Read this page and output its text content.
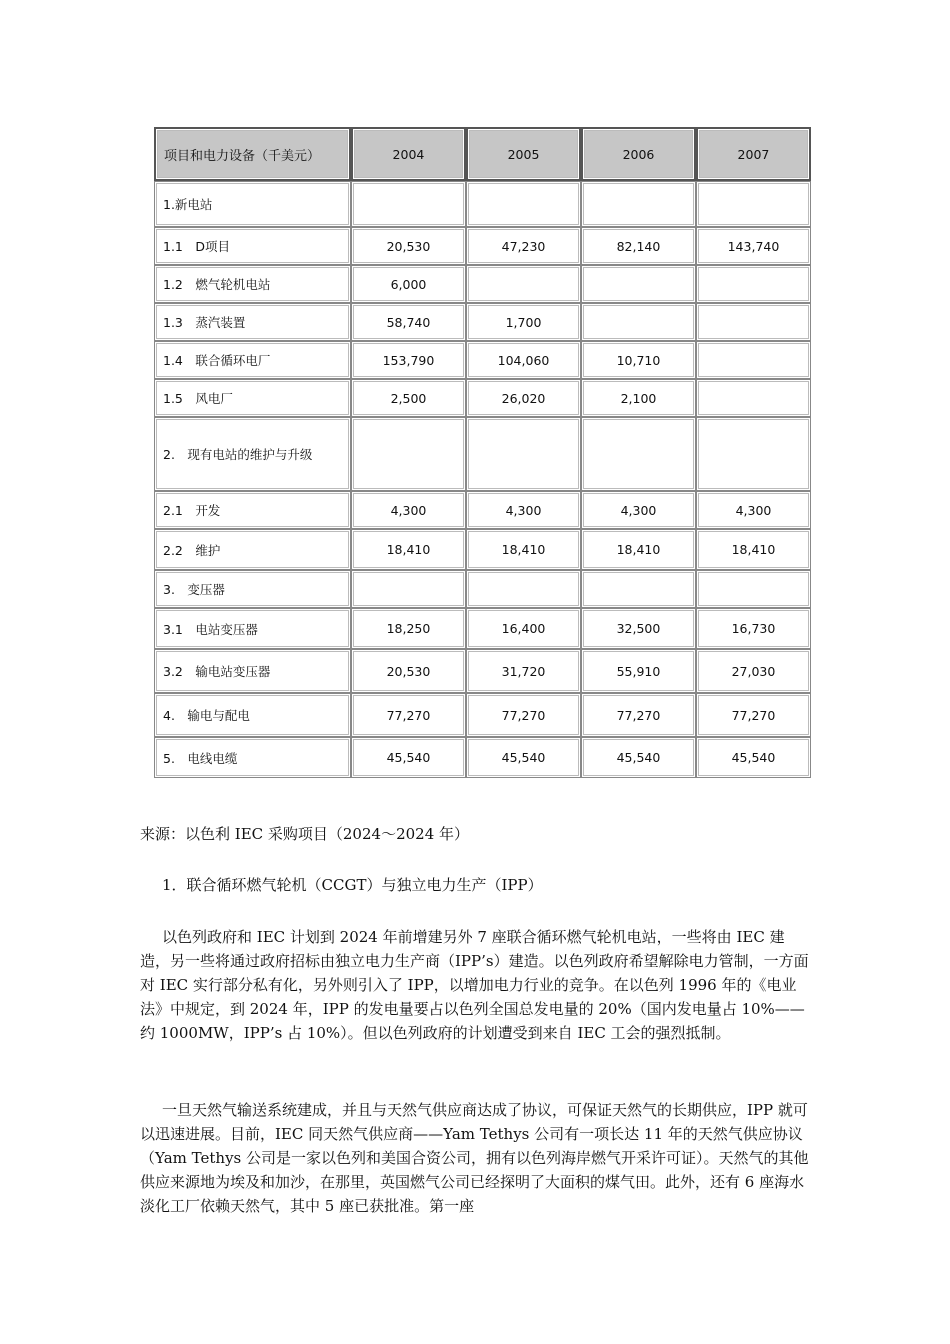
项目和电力设备（千美元）	2004	2005	2006	2007
1.新电站				
1.1　D项目	20,530	47,230	82,140	143,740
1.2　燃气轮机电站	6,000			
1.3　蒸汽装置	58,740	1,700		
1.4　联合循环电厂	153,790	104,060	10,710	
1.5　风电厂	2,500	26,020	2,100	
2.　现有电站的维护与升级				
2.1　开发	4,300	4,300	4,300	4,300
2.2　维护	18,410	18,410	18,410	18,410
3.　变压器				
3.1　电站变压器	18,250	16,400	32,500	16,730
3.2　输电站变压器	20,530	31,720	55,910	27,030
4.　输电与配电	77,270	77,270	77,270	77,270
5.　电线电缆	45,540	45,540	45,540	45,540

来源：以色利 IEC 采购项目（2024～2024 年）

1．联合循环燃气轮机（CCGT）与独立电力生产（IPP）

以色列政府和 IEC 计划到 2024 年前增建另外 7 座联合循环燃气轮机电站，一些将由 IEC 建造，另一些将通过政府招标由独立电力生产商（IPP’s）建造。以色列政府希望解除电力管制，一方面对 IEC 实行部分私有化，另外则引入了 IPP，以增加电力行业的竞争。在以色列 1996 年的《电业法》中规定，到 2024 年，IPP 的发电量要占以色列全国总发电量的 20%（国内发电量占 10%——约 1000MW，IPP’s 占 10%）。但以色列政府的计划遭受到来自 IEC 工会的强烈抵制。

一旦天然气输送系统建成，并且与天然气供应商达成了协议，可保证天然气的长期供应，IPP 就可以迅速进展。目前，IEC 同天然气供应商——Yam Tethys 公司有一项长达 11 年的天然气供应协议（Yam Tethys 公司是一家以色列和美国合资公司，拥有以色列海岸燃气开采许可证）。天然气的其他供应来源地为埃及和加沙，在那里，英国燃气公司已经探明了大面积的煤气田。此外，还有 6 座海水淡化工厂依赖天然气，其中 5 座已获批准。第一座
